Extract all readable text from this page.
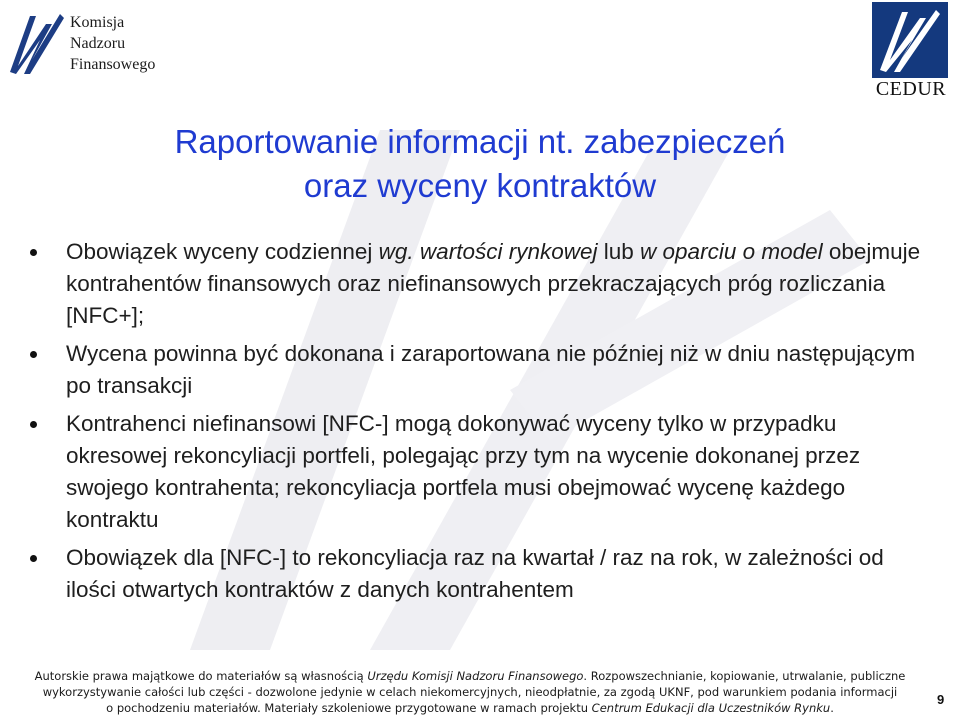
Komisja
Nadzoru
Finansowego
CEDUR
Raportowanie informacji nt. zabezpieczeń
oraz wyceny kontraktów
Obowiązek wyceny codziennej wg. wartości rynkowej lub w oparciu o model obejmuje kontrahentów finansowych oraz niefinansowych przekraczających próg rozliczania [NFC+];
Wycena powinna być dokonana i zaraportowana nie później niż w dniu następującym po transakcji
Kontrahenci niefinansowi [NFC-] mogą dokonywać wyceny tylko w przypadku okresowej rekoncyliacji portfeli, polegając przy tym na wycenie dokonanej przez swojego kontrahenta; rekoncyliacja portfela musi obejmować wycenę każdego kontraktu
Obowiązek dla [NFC-] to rekoncyliacja raz na kwartał / raz na rok, w zależności od ilości otwartych kontraktów z danych kontrahentem
Autorskie prawa majątkowe do materiałów są własnością Urzędu Komisji Nadzoru Finansowego. Rozpowszechnianie, kopiowanie, utrwalanie, publiczne
wykorzystywanie całości lub części - dozwolone jedynie w celach niekomercyjnych, nieodpłatnie, za zgodą UKNF, pod warunkiem podania informacji
o pochodzeniu materiałów. Materiały szkoleniowe przygotowane w ramach projektu Centrum Edukacji dla Uczestników Rynku.
9
